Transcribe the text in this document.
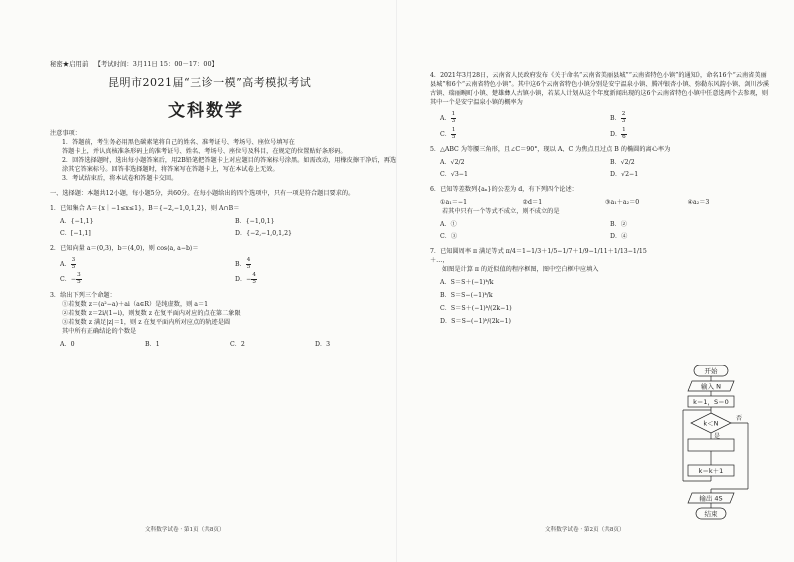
秘密★启用前 【考试时间：3月11日 15：00－17：00】
昆明市2021届“三诊一模”高考模拟考试
文科数学

注意事项：

1．答题前，考生务必用黑色碳素笔将自己的姓名、准考证号、考场号、座位号填写在

答题卡上，并认真核准条形码上的准考证号、姓名、考场号、座位号及科目，在规定的位置贴好条形码。

2．回答选择题时，选出每小题答案后，用2B铅笔把答题卡上对应题目的答案标号涂黑。如需改动，用橡皮擦干净后，再选涂其它答案标号。回答非选择题时，将答案写在答题卡上，写在本试卷上无效。

3．考试结束后，将本试卷和答题卡交回。

一、选择题：本题共12小题，每小题5分，共60分。在每小题给出的四个选项中，只有一项是符合题目要求的。

1．已知集合 A＝{x｜−1≤x≤1}，B＝{−2,−1,0,1,2}，则 A∩B＝

A．{−1,1}	B．{−1,0,1}
C．[−1,1]	D．{−2,−1,0,1,2}

2．已知向量 a＝(0,3)，b＝(4,0)，则 cos⟨a, a−b⟩＝

A． $\frac{3}{5}$	B． $\frac{4}{5}$
C．− $\frac{3}{5}$	D．− $\frac{4}{5}$

3．给出下列三个命题：

①若复数 z＝(a²−a)＋ai（a∈R）是纯虚数，则 a＝1

②若复数 z＝2i/(1−i)，则复数 z 在复平面内对应的点在第二象限

③若复数 z 满足|z|＝1，则 z 在复平面内所对应点的轨迹是圆

其中所有正确结论的个数是

A．0	B．1	C．2	D．3
文科数学试卷 · 第1页（共8页）

4．2021年3月28日，云南省人民政府发布《关于命名“云南省美丽县城”“云南省特色小镇”的通知》，命名16个“云南省美丽县城”和6个“云南省特色小镇”。其中这6个云南省特色小镇分别是安宁温泉小镇、腾冲银杏小镇、弥勒东风韵小镇、剑川沙溪古镇、瑞丽畹町小镇、楚雄彝人古镇小镇，若某人计划从这个年度新闻出现的这6个云南省特色小镇中任意选两个去参观，则其中一个是安宁温泉小镇的概率为

A． $\frac{1}{3}$	B． $\frac{2}{3}$
C． $\frac{1}{5}$	D． $\frac{1}{6}$

5．△ABC 为等腰三角形，且∠C＝90°，现以 A、C 为焦点且过点 B 的椭圆的离心率为

A．√2/2	B．√2/2
C．√3−1	D．√2−1

6．已知等差数列{aₙ}的公差为 d，有下列四个论述：

①a₁＝−1	②d＝1	③a₁＋a₂＝0	④a₂＝3

若其中只有一个等式不成立，则不成立的是

A．①	B．②
C．③	D．④

7．已知圆周率 π 满足等式 π/4＝1−1/3＋1/5−1/7＋1/9−1/11＋1/13−1/15＋…，

如图是计算 π 的近似值的程序框图，图中空白框中应填入

A．S＝S＋(−1)ᵏ/k
B．S＝S−(−1)ᵏ/k
C．S＝S＋(−1)ᵏ/(2k−1)
D．S＝S−(−1)ᵏ/(2k−1)
开始
输入 N
k＝1，S＝0
k＜N
是
否
k＝k＋1
输出 4S
结束
文科数学试卷 · 第2页（共8页）
